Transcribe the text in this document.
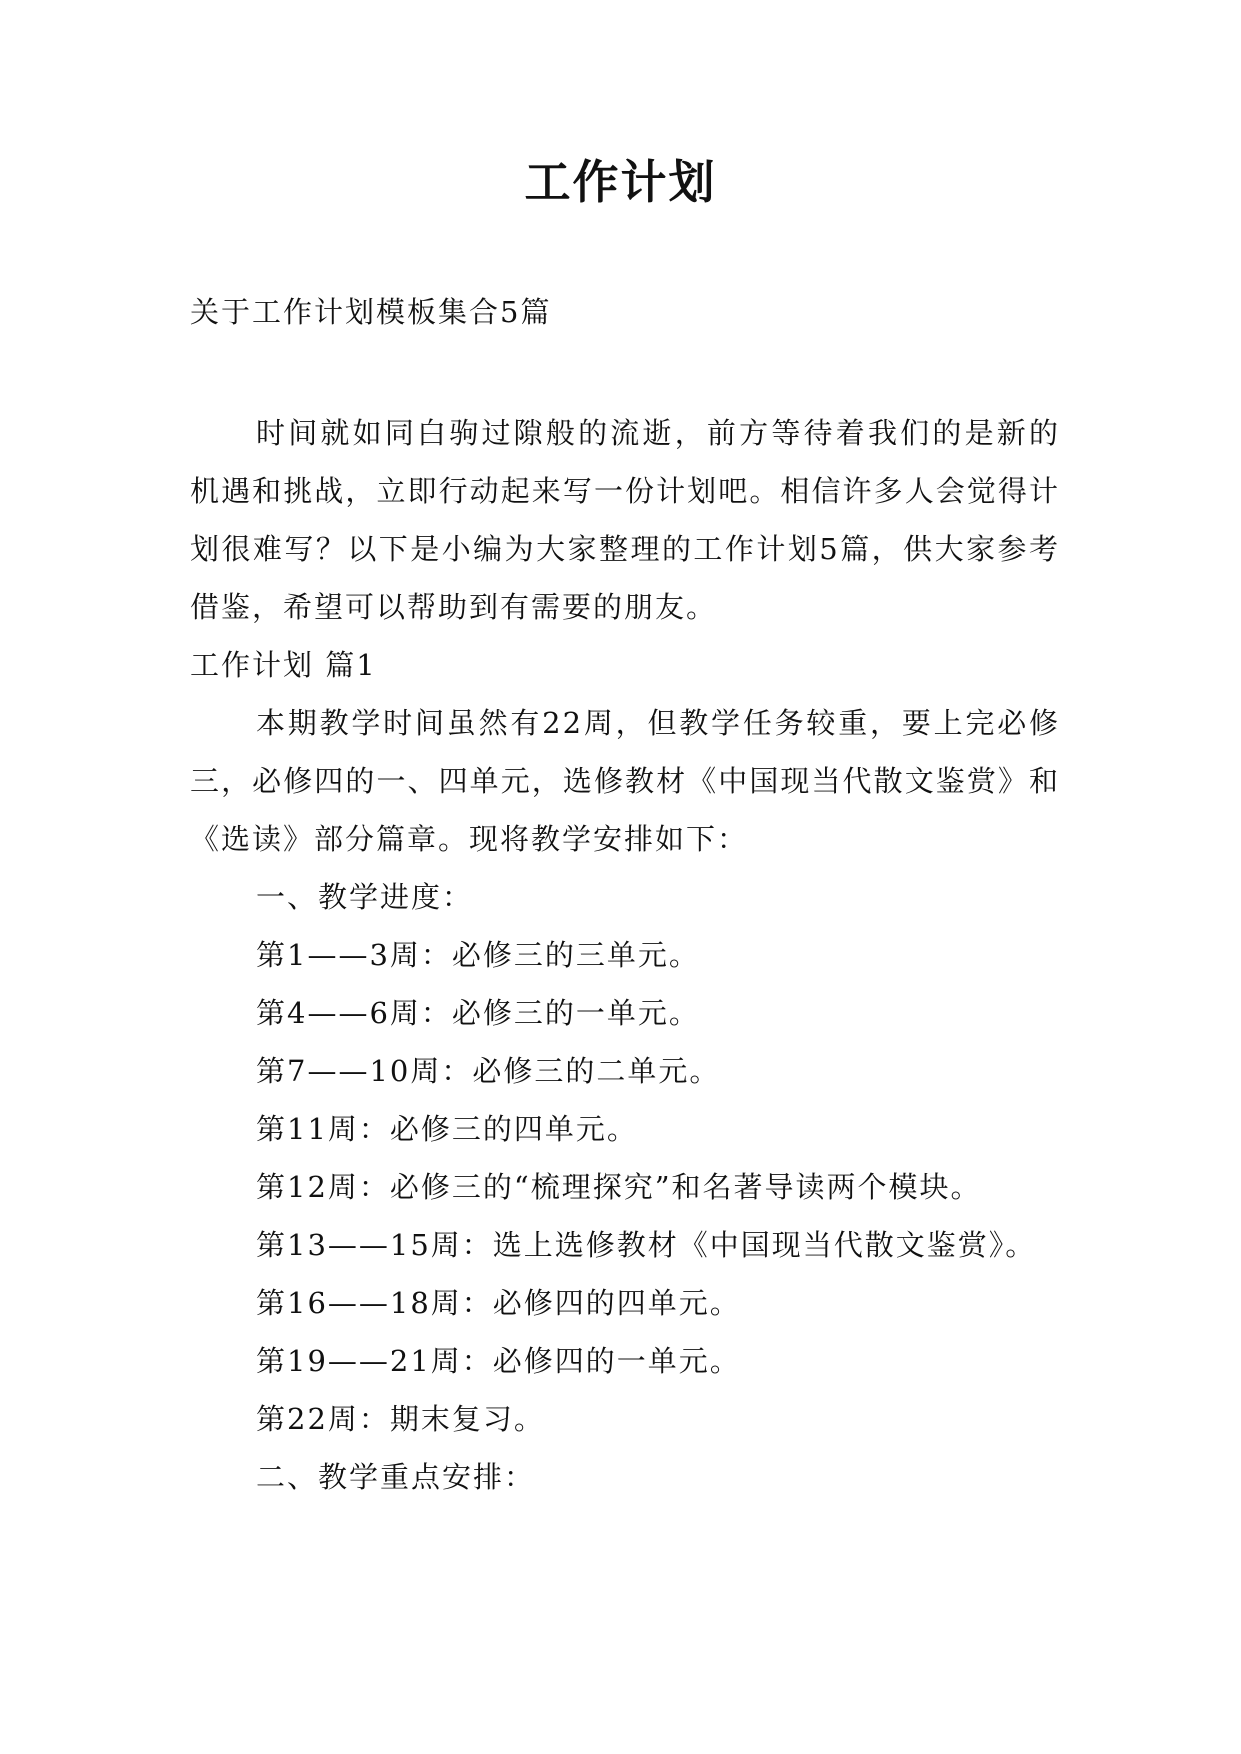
工作计划

关于工作计划模板集合5篇

时间就如同白驹过隙般的流逝，前方等待着我们的是新的机遇和挑战，立即行动起来写一份计划吧。相信许多人会觉得计划很难写？以下是小编为大家整理的工作计划5篇，供大家参考借鉴，希望可以帮助到有需要的朋友。

工作计划 篇1

本期教学时间虽然有22周，但教学任务较重，要上完必修三，必修四的一、四单元，选修教材《中国现当代散文鉴赏》和《选读》部分篇章。现将教学安排如下：

一、教学进度：

第1——3周：必修三的三单元。

第4——6周：必修三的一单元。

第7——10周：必修三的二单元。

第11周：必修三的四单元。

第12周：必修三的“梳理探究”和名著导读两个模块。

第13——15周：选上选修教材《中国现当代散文鉴赏》。

第16——18周：必修四的四单元。

第19——21周：必修四的一单元。

第22周：期末复习。

二、教学重点安排：
